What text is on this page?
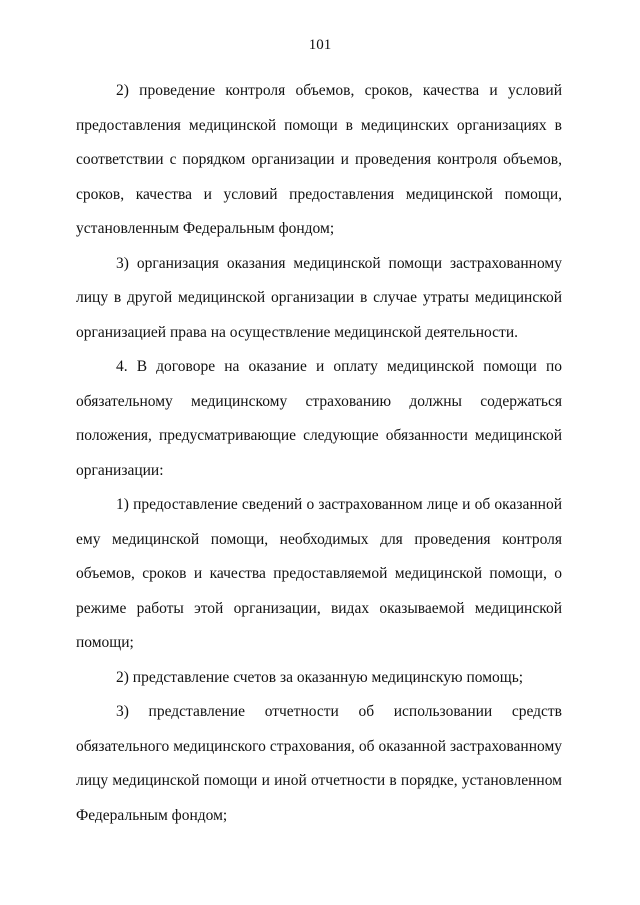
101

2) проведение контроля объемов, сроков, качества и условий предоставления медицинской помощи в медицинских организациях в соответствии с порядком организации и проведения контроля объемов, сроков, качества и условий предоставления медицинской помощи, установленным Федеральным фондом;

3) организация оказания медицинской помощи застрахованному лицу в другой медицинской организации в случае утраты медицинской организацией права на осуществление медицинской деятельности.

4. В договоре на оказание и оплату медицинской помощи по обязательному медицинскому страхованию должны содержаться положения, предусматривающие следующие обязанности медицинской организации:

1) предоставление сведений о застрахованном лице и об оказанной ему медицинской помощи, необходимых для проведения контроля объемов, сроков и качества предоставляемой медицинской помощи, о режиме работы этой организации, видах оказываемой медицинской помощи;

2) представление счетов за оказанную медицинскую помощь;

3) представление отчетности об использовании средств обязательного медицинского страхования, об оказанной застрахованному лицу медицинской помощи и иной отчетности в порядке, установленном Федеральным фондом;
